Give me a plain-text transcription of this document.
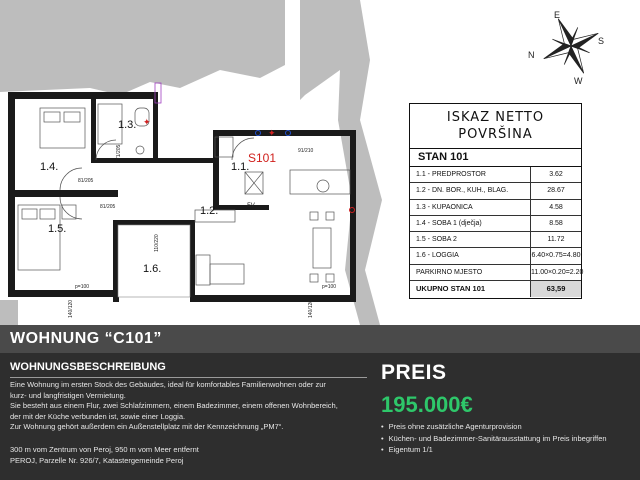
✦
✦
EV
S101
1.1.
1.2.
1.3.
1.4.
1.5.
1.6.
71/205
81/205
81/205
91/210
110/220
p=100	p=100
140/120	140/120
N
S
E
W
ISKAZ NETTO
POVRŠINA
STAN 101
1.1 - PREDPROSTOR	3.62
1.2 - DN. BOR., KUH., BLAG.	28.67
1.3 - KUPAONICA	4.58
1.4 - SOBA 1 (dječja)	8.58
1.5 - SOBA 2	11.72
1.6 - LOGGIA	6.40×0.75=4.80
PARKIRNO MJESTO	11.00×0.20=2.20
UKUPNO STAN 101	63,59
WOHNUNG “C101”
WOHNUNGSBESCHREIBUNG

Eine Wohnung im ersten Stock des Gebäudes, ideal für komfortables Familienwohnen oder zur

kurz- und langfristigen Vermietung.

Sie besteht aus einem Flur, zwei Schlafzimmern, einem Badezimmer, einem offenen Wohnbereich,

der mit der Küche verbunden ist, sowie einer Loggia.

Zur Wohnung gehört außerdem ein Außenstellplatz mit der Kennzeichnung „PM7“.

300 m vom Zentrum von Peroj, 950 m vom Meer entfernt
PEROJ, Parzelle Nr. 926/7, Katastergemeinde Peroj
PREIS
195.000€
• Preis ohne zusätzliche Agenturprovision
• Küchen- und Badezimmer-Sanitärausstattung im Preis inbegriffen
• Eigentum 1/1
